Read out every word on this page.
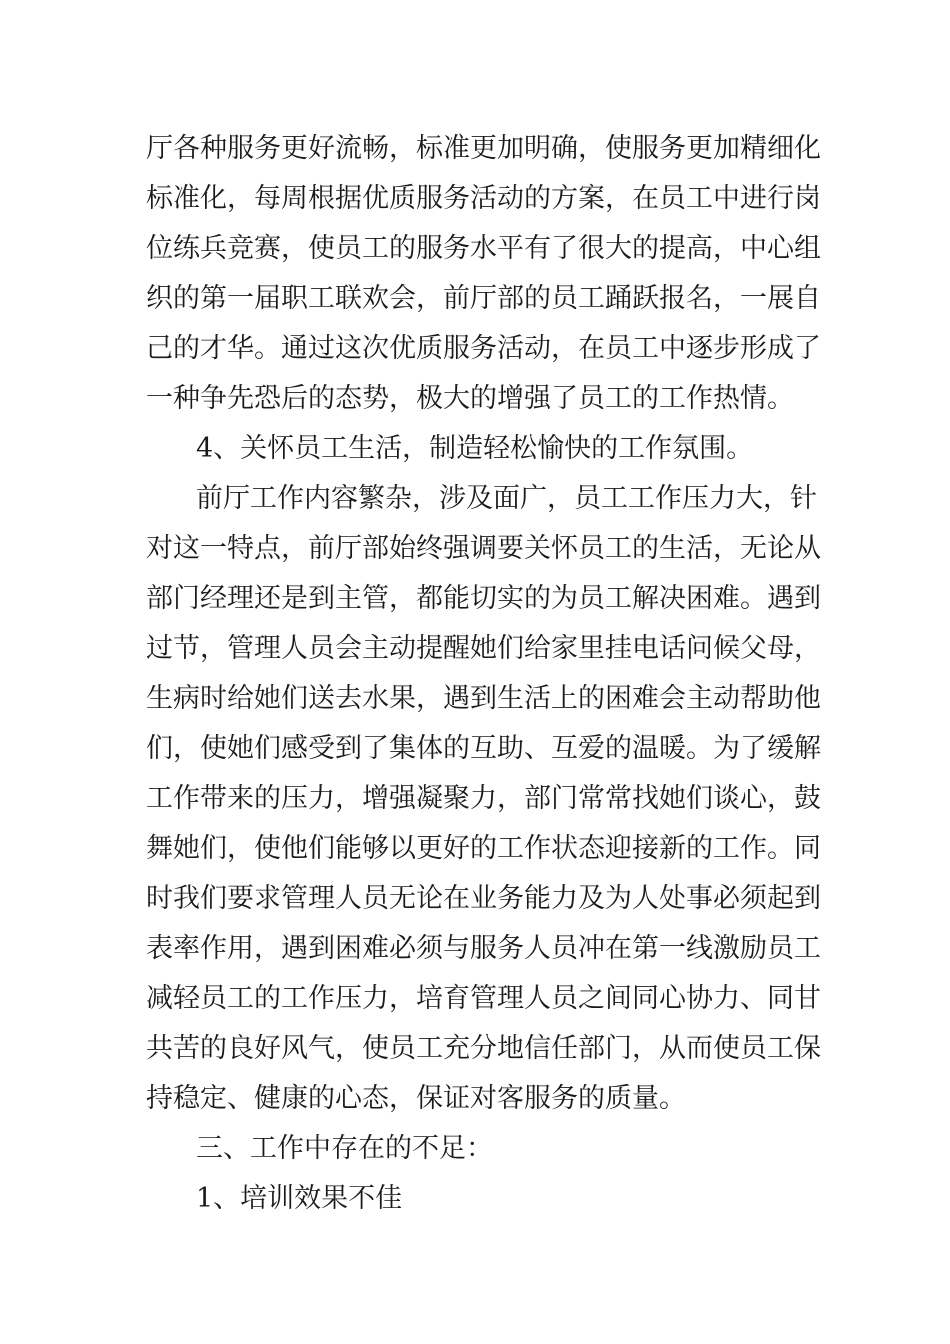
厅各种服务更好流畅，标准更加明确，使服务更加精细化
标准化，每周根据优质服务活动的方案，在员工中进行岗
位练兵竞赛，使员工的服务水平有了很大的提高，中心组
织的第一届职工联欢会，前厅部的员工踊跃报名，一展自
己的才华。通过这次优质服务活动，在员工中逐步形成了
一种争先恐后的态势，极大的增强了员工的工作热情。
4、关怀员工生活，制造轻松愉快的工作氛围。
前厅工作内容繁杂，涉及面广，员工工作压力大，针
对这一特点，前厅部始终强调要关怀员工的生活，无论从
部门经理还是到主管，都能切实的为员工解决困难。遇到
过节，管理人员会主动提醒她们给家里挂电话问候父母，
生病时给她们送去水果，遇到生活上的困难会主动帮助他
们，使她们感受到了集体的互助、互爱的温暖。为了缓解
工作带来的压力，增强凝聚力，部门常常找她们谈心，鼓
舞她们，使他们能够以更好的工作状态迎接新的工作。同
时我们要求管理人员无论在业务能力及为人处事必须起到
表率作用，遇到困难必须与服务人员冲在第一线激励员工
减轻员工的工作压力，培育管理人员之间同心协力、同甘
共苦的良好风气，使员工充分地信任部门，从而使员工保
持稳定、健康的心态，保证对客服务的质量。
三、工作中存在的不足：
1、培训效果不佳
